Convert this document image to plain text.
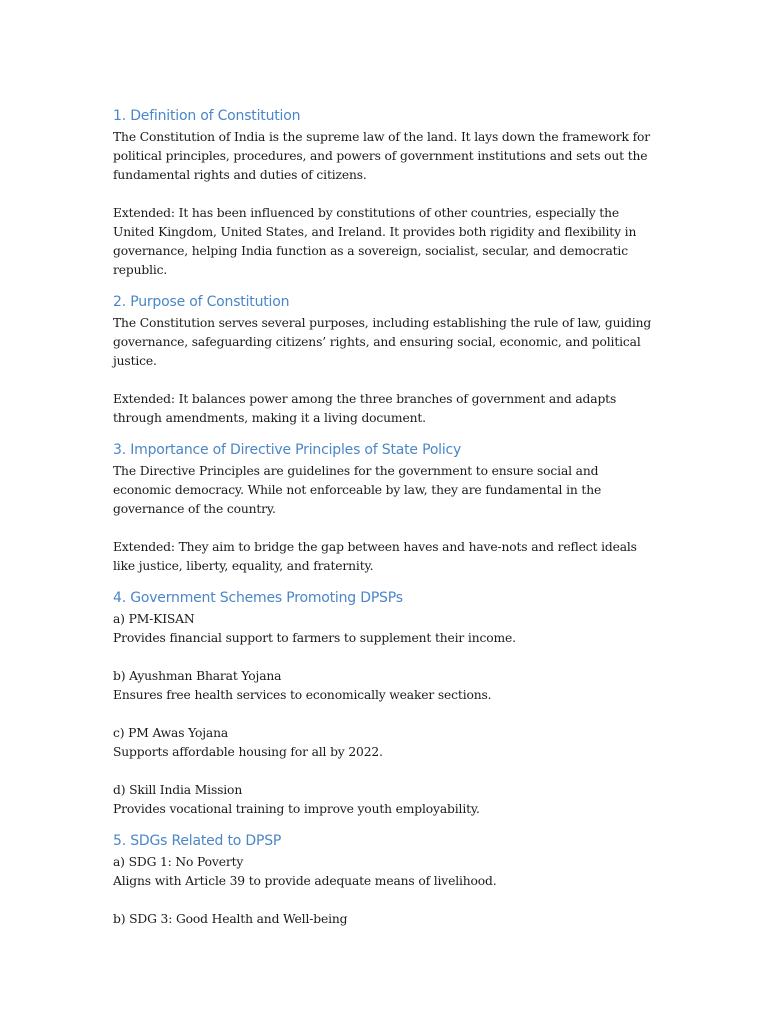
1. Definition of Constitution

The Constitution of India is the supreme law of the land. It lays down the framework for political principles, procedures, and powers of government institutions and sets out the fundamental rights and duties of citizens.

Extended: It has been influenced by constitutions of other countries, especially the United Kingdom, United States, and Ireland. It provides both rigidity and flexibility in governance, helping India function as a sovereign, socialist, secular, and democratic republic.

2. Purpose of Constitution

The Constitution serves several purposes, including establishing the rule of law, guiding governance, safeguarding citizens’ rights, and ensuring social, economic, and political justice.

Extended: It balances power among the three branches of government and adapts through amendments, making it a living document.

3. Importance of Directive Principles of State Policy

The Directive Principles are guidelines for the government to ensure social and economic democracy. While not enforceable by law, they are fundamental in the governance of the country.

Extended: They aim to bridge the gap between haves and have-nots and reflect ideals like justice, liberty, equality, and fraternity.

4. Government Schemes Promoting DPSPs

a) PM-KISAN

Provides financial support to farmers to supplement their income.

b) Ayushman Bharat Yojana

Ensures free health services to economically weaker sections.

c) PM Awas Yojana

Supports affordable housing for all by 2022.

d) Skill India Mission

Provides vocational training to improve youth employability.

5. SDGs Related to DPSP

a) SDG 1: No Poverty

Aligns with Article 39 to provide adequate means of livelihood.

b) SDG 3: Good Health and Well-being
